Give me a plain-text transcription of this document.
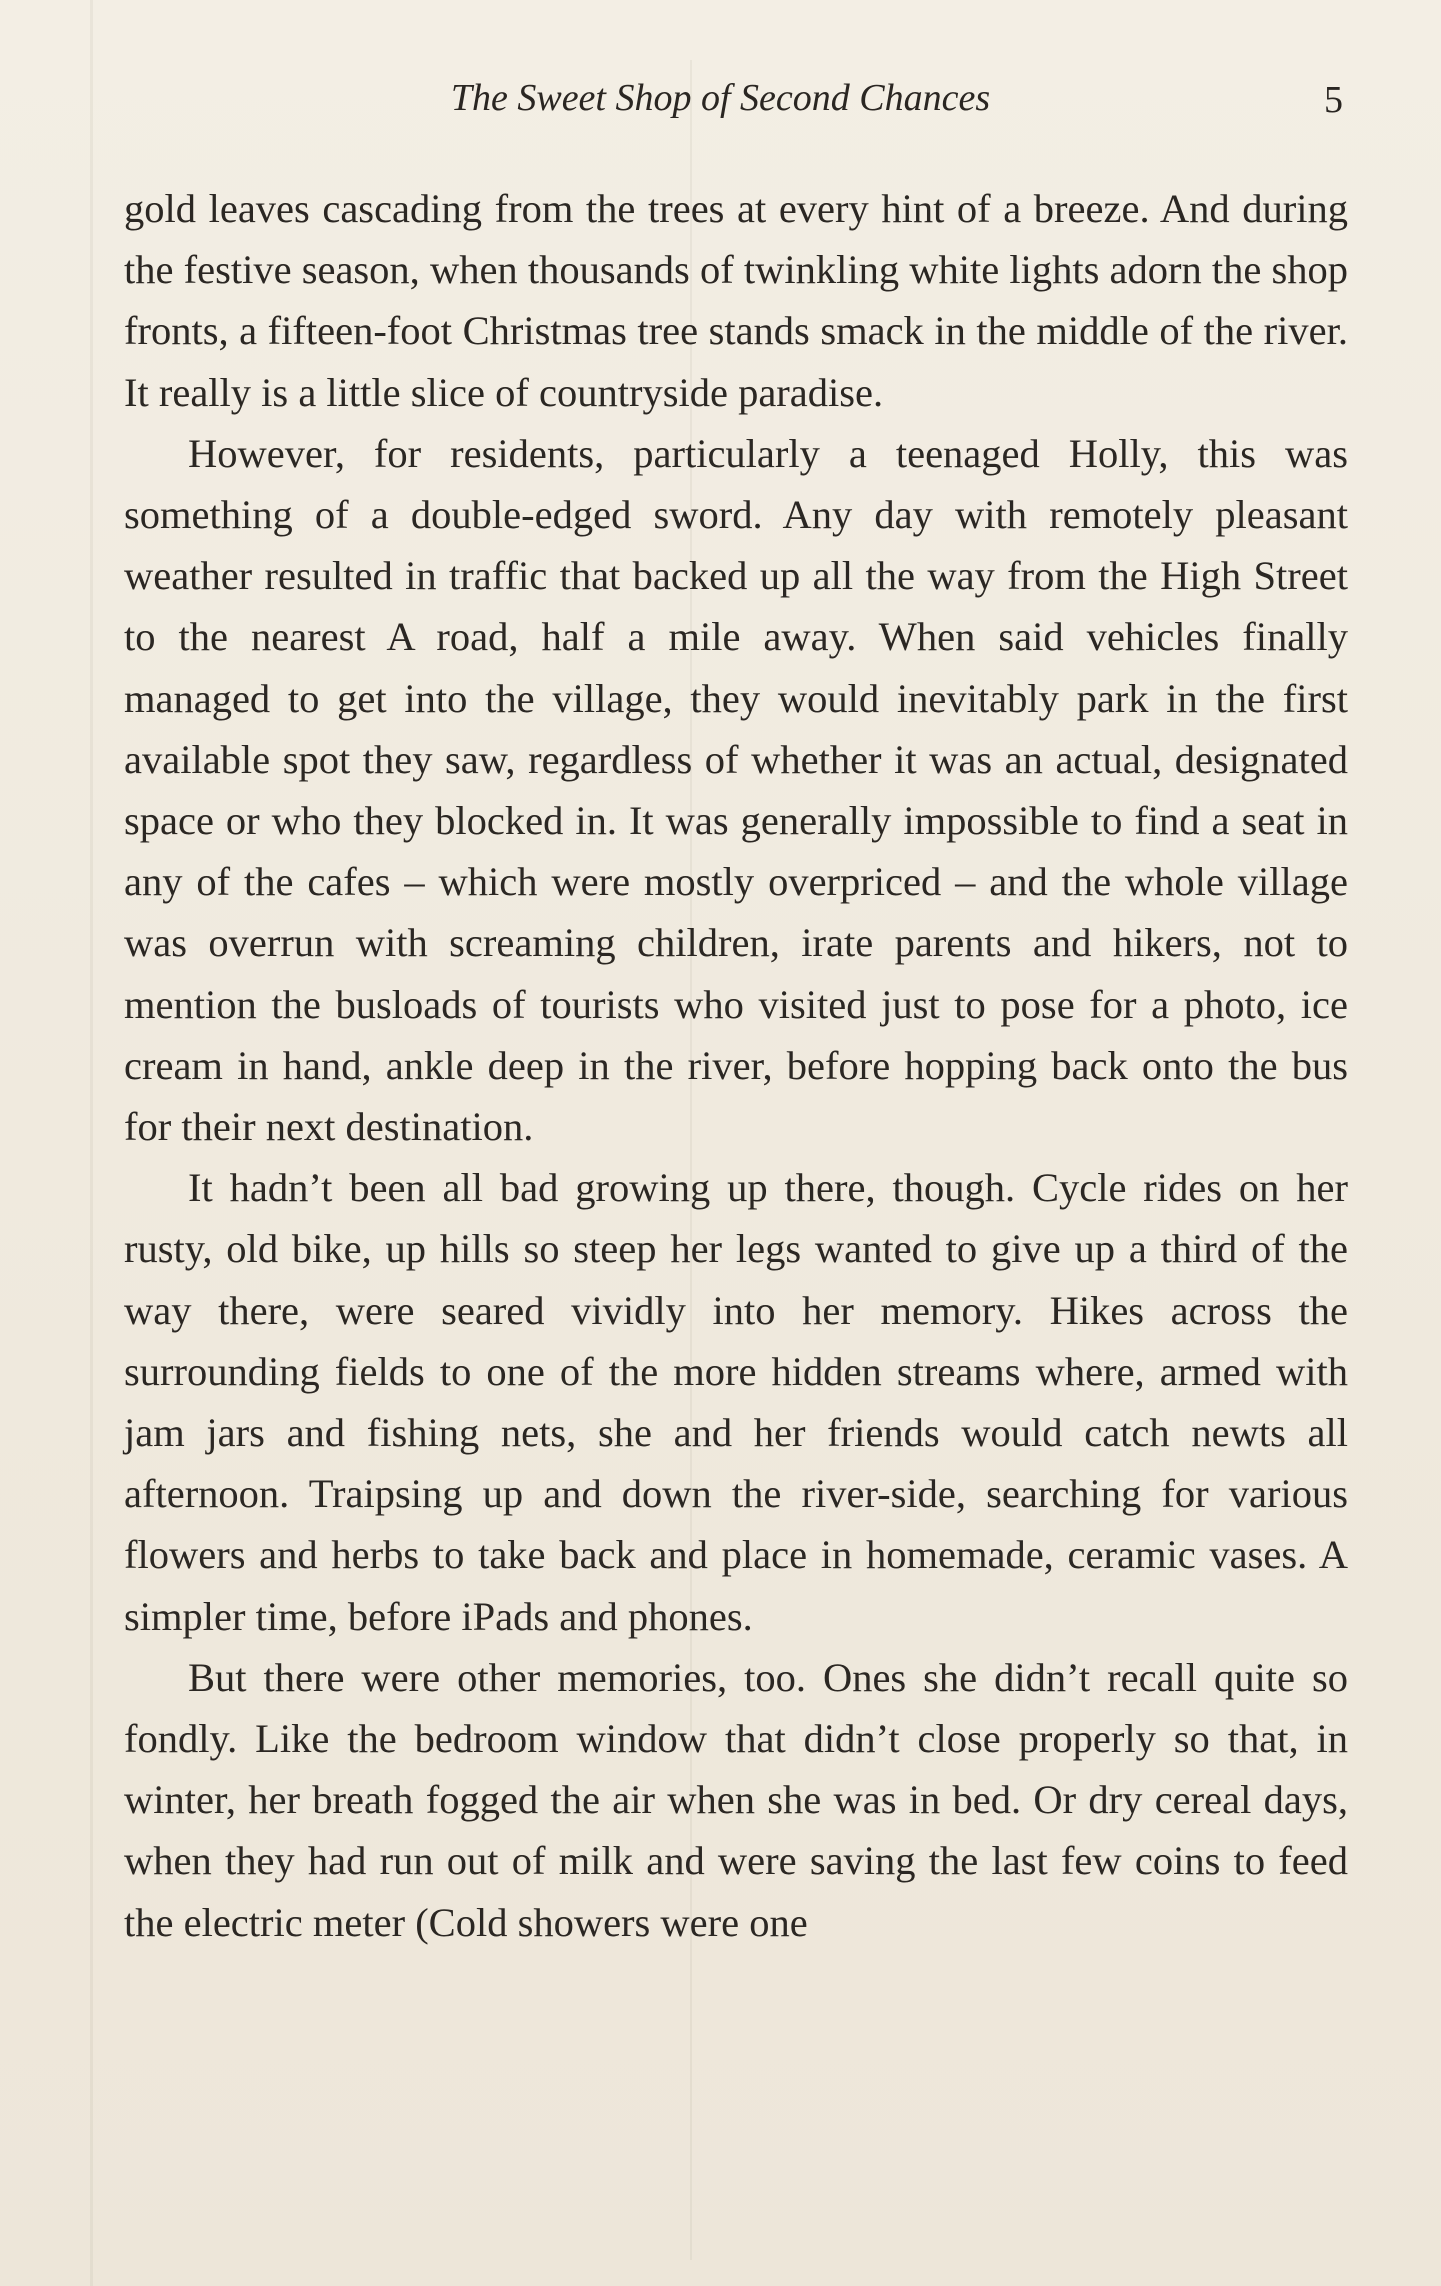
The Sweet Shop of Second Chances	5

gold leaves cascading from the trees at every hint of a breeze. And during the festive season, when thousands of twinkling white lights adorn the shop fronts, a fifteen-foot Christmas tree stands smack in the middle of the river. It really is a little slice of countryside paradise.

However, for residents, particularly a teenaged Holly, this was something of a double-edged sword. Any day with remotely pleasant weather resulted in traffic that backed up all the way from the High Street to the nearest A road, half a mile away. When said vehicles finally managed to get into the village, they would inevitably park in the first available spot they saw, regardless of whether it was an actual, designated space or who they blocked in. It was generally impossible to find a seat in any of the cafes – which were mostly overpriced – and the whole village was overrun with screaming children, irate parents and hikers, not to mention the busloads of tourists who visited just to pose for a photo, ice cream in hand, ankle deep in the river, before hopping back onto the bus for their next destination.

It hadn’t been all bad growing up there, though. Cycle rides on her rusty, old bike, up hills so steep her legs wanted to give up a third of the way there, were seared vividly into her memory. Hikes across the surrounding fields to one of the more hidden streams where, armed with jam jars and fishing nets, she and her friends would catch newts all afternoon. Traipsing up and down the river-side, searching for various flowers and herbs to take back and place in homemade, ceramic vases. A simpler time, before iPads and phones.

But there were other memories, too. Ones she didn’t recall quite so fondly. Like the bedroom window that didn’t close properly so that, in winter, her breath fogged the air when she was in bed. Or dry cereal days, when they had run out of milk and were saving the last few coins to feed the electric meter (Cold showers were one
